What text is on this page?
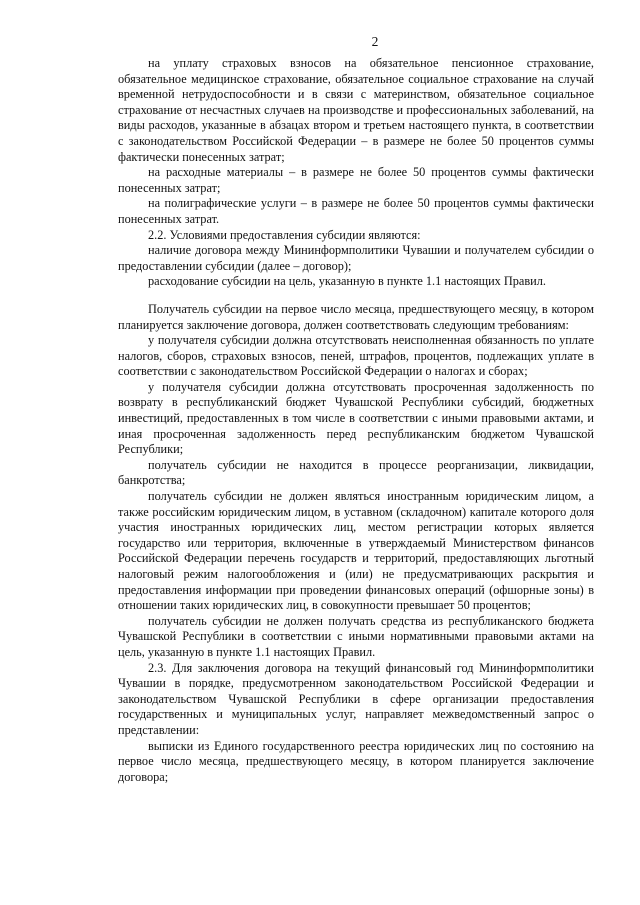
2

на уплату страховых взносов на обязательное пенсионное страхование, обязательное медицинское страхование, обязательное социальное страхование на случай временной нетрудоспособности и в связи с материнством, обязательное социальное страхование от несчастных случаев на производстве и профессиональных заболеваний, на виды расходов, указанные в абзацах втором и третьем настоящего пункта, в соответствии с законодательством Российской Федерации – в размере не более 50 процентов суммы фактически понесенных затрат;

на расходные материалы – в размере не более 50 процентов суммы фактически понесенных затрат;

на полиграфические услуги – в размере не более 50 процентов суммы фактически понесенных затрат.

2.2. Условиями предоставления субсидии являются:

наличие договора между Мининформполитики Чувашии и получателем субсидии о предоставлении субсидии (далее – договор);

расходование субсидии на цель, указанную в пункте 1.1 настоящих Правил.

Получатель субсидии на первое число месяца, предшествующего месяцу, в котором планируется заключение договора, должен соответствовать следующим требованиям:

у получателя субсидии должна отсутствовать неисполненная обязанность по уплате налогов, сборов, страховых взносов, пеней, штрафов, процентов, подлежащих уплате в соответствии с законодательством Российской Федерации о налогах и сборах;

у получателя субсидии должна отсутствовать просроченная задолженность по возврату в республиканский бюджет Чувашской Республики субсидий, бюджетных инвестиций, предоставленных в том числе в соответствии с иными правовыми актами, и иная просроченная задолженность перед республиканским бюджетом Чувашской Республики;

получатель субсидии не находится в процессе реорганизации, ликвидации, банкротства;

получатель субсидии не должен являться иностранным юридическим лицом, а также российским юридическим лицом, в уставном (складочном) капитале которого доля участия иностранных юридических лиц, местом регистрации которых является государство или территория, включенные в утверждаемый Министерством финансов Российской Федерации перечень государств и территорий, предоставляющих льготный налоговый режим налогообложения и (или) не предусматривающих раскрытия и предоставления информации при проведении финансовых операций (офшорные зоны) в отношении таких юридических лиц, в совокупности превышает 50 процентов;

получатель субсидии не должен получать средства из республиканского бюджета Чувашской Республики в соответствии с иными нормативными правовыми актами на цель, указанную в пункте 1.1 настоящих Правил.

2.3. Для заключения договора на текущий финансовый год Мининформполитики Чувашии в порядке, предусмотренном законодательством Российской Федерации и законодательством Чувашской Республики в сфере организации предоставления государственных и муниципальных услуг, направляет межведомственный запрос о представлении:

выписки из Единого государственного реестра юридических лиц по состоянию на первое число месяца, предшествующего месяцу, в котором планируется заключение договора;
